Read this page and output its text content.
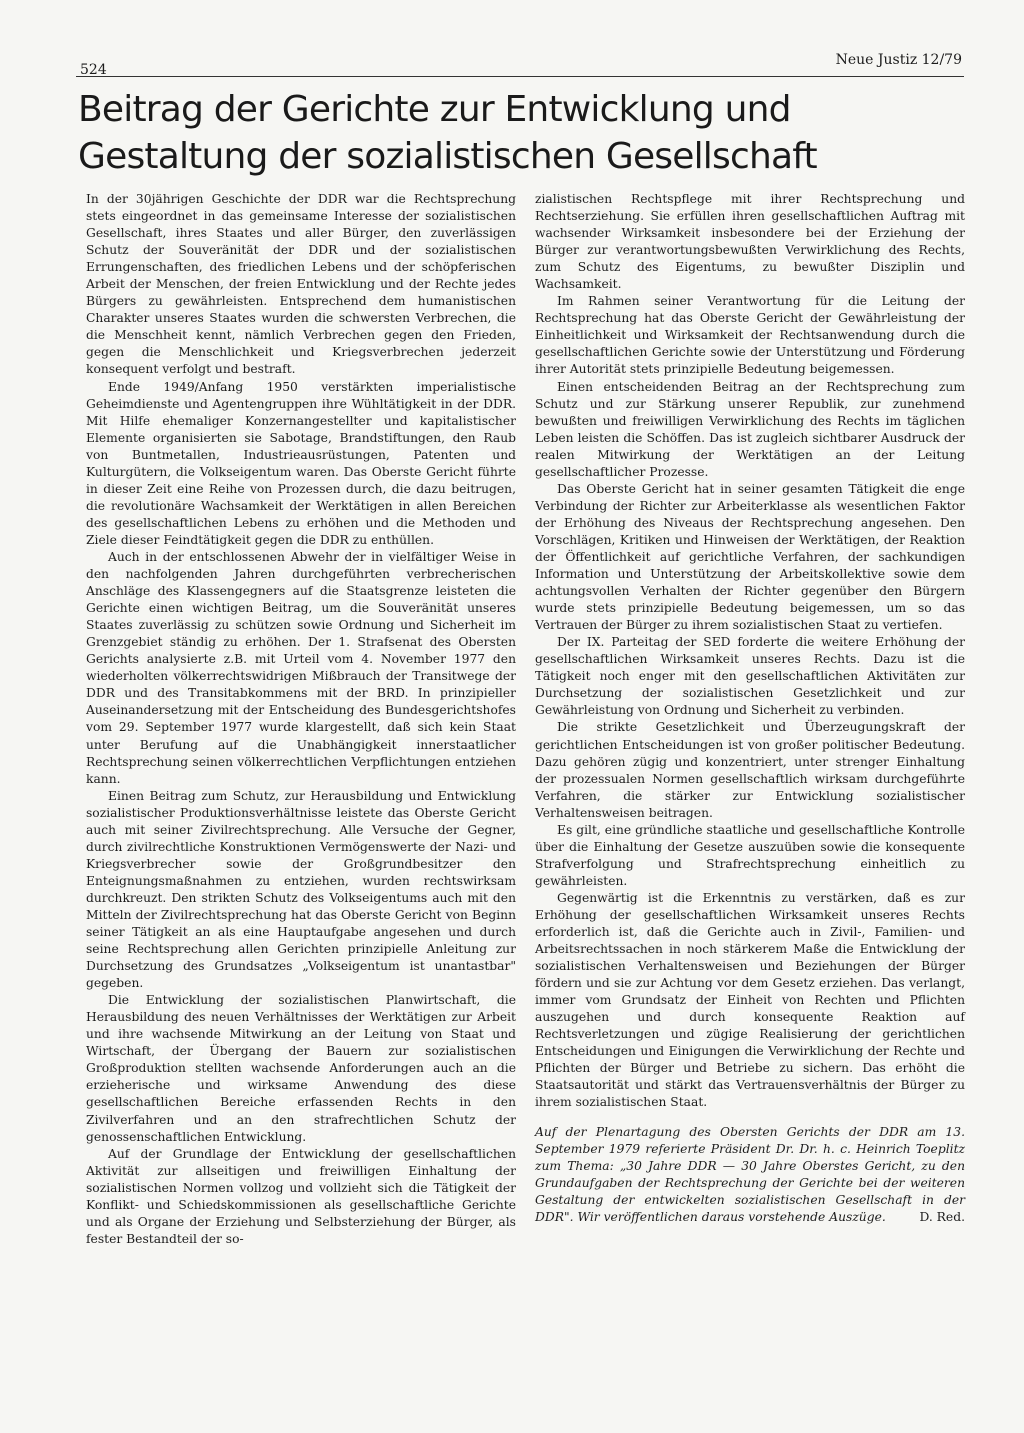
524
Neue Justiz 12/79
Beitrag der Gerichte zur Entwicklung und Gestaltung der sozialistischen Gesellschaft

In der 30jährigen Geschichte der DDR war die Rechtsprechung stets eingeordnet in das gemeinsame Interesse der sozialistischen Gesellschaft, ihres Staates und aller Bürger, den zuverlässigen Schutz der Souveränität der DDR und der sozialistischen Errungenschaften, des friedlichen Lebens und der schöpferischen Arbeit der Menschen, der freien Entwicklung und der Rechte jedes Bürgers zu gewährleisten. Entsprechend dem humanistischen Charakter unseres Staates wurden die schwersten Verbrechen, die die Menschheit kennt, nämlich Verbrechen gegen den Frieden, gegen die Menschlichkeit und Kriegsverbrechen jederzeit konsequent verfolgt und bestraft.

Ende 1949/Anfang 1950 verstärkten imperialistische Geheimdienste und Agentengruppen ihre Wühltätigkeit in der DDR. Mit Hilfe ehemaliger Konzernangestellter und kapitalistischer Elemente organisierten sie Sabotage, Brandstiftungen, den Raub von Buntmetallen, Industrieausrüstungen, Patenten und Kulturgütern, die Volkseigentum waren. Das Oberste Gericht führte in dieser Zeit eine Reihe von Prozessen durch, die dazu beitrugen, die revolutionäre Wachsamkeit der Werktätigen in allen Bereichen des gesellschaftlichen Lebens zu erhöhen und die Methoden und Ziele dieser Feindtätigkeit gegen die DDR zu enthüllen.

Auch in der entschlossenen Abwehr der in vielfältiger Weise in den nachfolgenden Jahren durchgeführten verbrecherischen Anschläge des Klassengegners auf die Staatsgrenze leisteten die Gerichte einen wichtigen Beitrag, um die Souveränität unseres Staates zuverlässig zu schützen sowie Ordnung und Sicherheit im Grenzgebiet ständig zu erhöhen. Der 1. Strafsenat des Obersten Gerichts analysierte z.B. mit Urteil vom 4. November 1977 den wiederholten völkerrechtswidrigen Mißbrauch der Transitwege der DDR und des Transitabkommens mit der BRD. In prinzipieller Auseinandersetzung mit der Entscheidung des Bundesgerichtshofes vom 29. September 1977 wurde klargestellt, daß sich kein Staat unter Berufung auf die Unabhängigkeit innerstaatlicher Rechtsprechung seinen völkerrechtlichen Verpflichtungen entziehen kann.

Einen Beitrag zum Schutz, zur Herausbildung und Entwicklung sozialistischer Produktionsverhältnisse leistete das Oberste Gericht auch mit seiner Zivilrechtsprechung. Alle Versuche der Gegner, durch zivilrechtliche Konstruktionen Vermögenswerte der Nazi- und Kriegsverbrecher sowie der Großgrundbesitzer den Enteignungsmaßnahmen zu entziehen, wurden rechtswirksam durchkreuzt. Den strikten Schutz des Volkseigentums auch mit den Mitteln der Zivilrechtsprechung hat das Oberste Gericht von Beginn seiner Tätigkeit an als eine Hauptaufgabe angesehen und durch seine Rechtsprechung allen Gerichten prinzipielle Anleitung zur Durchsetzung des Grundsatzes „Volkseigentum ist unantastbar" gegeben.

Die Entwicklung der sozialistischen Planwirtschaft, die Herausbildung des neuen Verhältnisses der Werktätigen zur Arbeit und ihre wachsende Mitwirkung an der Leitung von Staat und Wirtschaft, der Übergang der Bauern zur sozialistischen Großproduktion stellten wachsende Anforderungen auch an die erzieherische und wirksame Anwendung des diese gesellschaftlichen Bereiche erfassenden Rechts in den Zivilverfahren und an den strafrechtlichen Schutz der genossenschaftlichen Entwicklung.

Auf der Grundlage der Entwicklung der gesellschaftlichen Aktivität zur allseitigen und freiwilligen Einhaltung der sozialistischen Normen vollzog und vollzieht sich die Tätigkeit der Konflikt- und Schiedskommissionen als gesellschaftliche Gerichte und als Organe der Erziehung und Selbsterziehung der Bürger, als fester Bestandteil der so-

zialistischen Rechtspflege mit ihrer Rechtsprechung und Rechtserziehung. Sie erfüllen ihren gesellschaftlichen Auftrag mit wachsender Wirksamkeit insbesondere bei der Erziehung der Bürger zur verantwortungsbewußten Verwirklichung des Rechts, zum Schutz des Eigentums, zu bewußter Disziplin und Wachsamkeit.

Im Rahmen seiner Verantwortung für die Leitung der Rechtsprechung hat das Oberste Gericht der Gewährleistung der Einheitlichkeit und Wirksamkeit der Rechtsanwendung durch die gesellschaftlichen Gerichte sowie der Unterstützung und Förderung ihrer Autorität stets prinzipielle Bedeutung beigemessen.

Einen entscheidenden Beitrag an der Rechtsprechung zum Schutz und zur Stärkung unserer Republik, zur zunehmend bewußten und freiwilligen Verwirklichung des Rechts im täglichen Leben leisten die Schöffen. Das ist zugleich sichtbarer Ausdruck der realen Mitwirkung der Werktätigen an der Leitung gesellschaftlicher Prozesse.

Das Oberste Gericht hat in seiner gesamten Tätigkeit die enge Verbindung der Richter zur Arbeiterklasse als wesentlichen Faktor der Erhöhung des Niveaus der Rechtsprechung angesehen. Den Vorschlägen, Kritiken und Hinweisen der Werktätigen, der Reaktion der Öffentlichkeit auf gerichtliche Verfahren, der sachkundigen Information und Unterstützung der Arbeitskollektive sowie dem achtungsvollen Verhalten der Richter gegenüber den Bürgern wurde stets prinzipielle Bedeutung beigemessen, um so das Vertrauen der Bürger zu ihrem sozialistischen Staat zu vertiefen.

Der IX. Parteitag der SED forderte die weitere Erhöhung der gesellschaftlichen Wirksamkeit unseres Rechts. Dazu ist die Tätigkeit noch enger mit den gesellschaftlichen Aktivitäten zur Durchsetzung der sozialistischen Gesetzlichkeit und zur Gewährleistung von Ordnung und Sicherheit zu verbinden.

Die strikte Gesetzlichkeit und Überzeugungskraft der gerichtlichen Entscheidungen ist von großer politischer Bedeutung. Dazu gehören zügig und konzentriert, unter strenger Einhaltung der prozessualen Normen gesellschaftlich wirksam durchgeführte Verfahren, die stärker zur Entwicklung sozialistischer Verhaltensweisen beitragen.

Es gilt, eine gründliche staatliche und gesellschaftliche Kontrolle über die Einhaltung der Gesetze auszuüben sowie die konsequente Strafverfolgung und Strafrechtsprechung einheitlich zu gewährleisten.

Gegenwärtig ist die Erkenntnis zu verstärken, daß es zur Erhöhung der gesellschaftlichen Wirksamkeit unseres Rechts erforderlich ist, daß die Gerichte auch in Zivil-, Familien- und Arbeitsrechtssachen in noch stärkerem Maße die Entwicklung der sozialistischen Verhaltensweisen und Beziehungen der Bürger fördern und sie zur Achtung vor dem Gesetz erziehen. Das verlangt, immer vom Grundsatz der Einheit von Rechten und Pflichten auszugehen und durch konsequente Reaktion auf Rechtsverletzungen und zügige Realisierung der gerichtlichen Entscheidungen und Einigungen die Verwirklichung der Rechte und Pflichten der Bürger und Betriebe zu sichern. Das erhöht die Staatsautorität und stärkt das Vertrauensverhältnis der Bürger zu ihrem sozialistischen Staat.

Auf der Plenartagung des Obersten Gerichts der DDR am 13. September 1979 referierte Präsident Dr. Dr. h. c. Heinrich Toeplitz zum Thema: „30 Jahre DDR — 30 Jahre Oberstes Gericht, zu den Grundaufgaben der Rechtsprechung der Gerichte bei der weiteren Gestaltung der entwickelten sozialistischen Gesellschaft in der DDR". Wir veröffentlichen daraus vorstehende Auszüge.	D. Red.
